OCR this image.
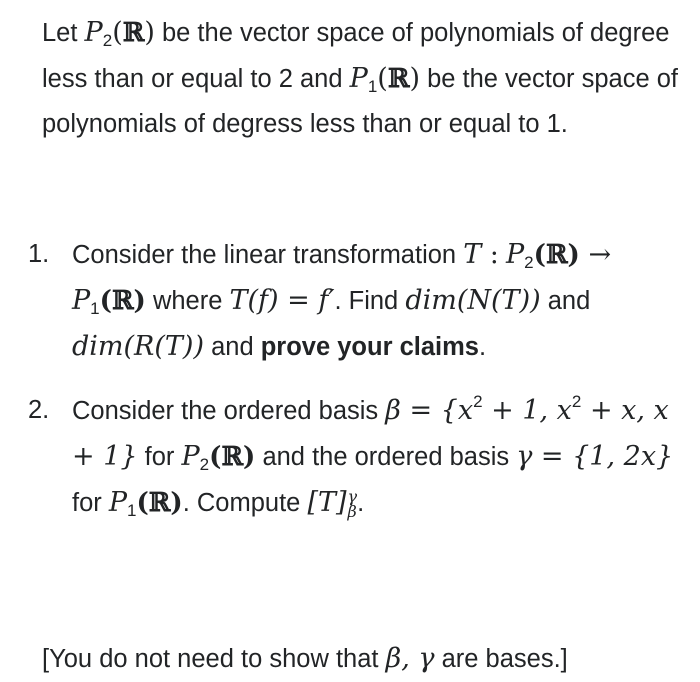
Let $P_2(ℝ)$ be the vector space of polynomials of degree less than or equal to 2 and $P_1(ℝ)$ be the vector space of polynomials of degress less than or equal to 1.

1. Consider the linear transformation T : $P_2(ℝ)$ → $P_1(ℝ)$ where T(f) = f′. Find dim(N(T)) and dim(R(T)) and prove your claims.
2. Consider the ordered basis $\beta = \{x^2 + 1$, $x^2 + x$, x + 1} for $P_2(ℝ)$ and the ordered basis γ = {1, 2x} for $P_1(ℝ)$. Compute [T] γ
β .

[You do not need to show that β, γ are bases.]
